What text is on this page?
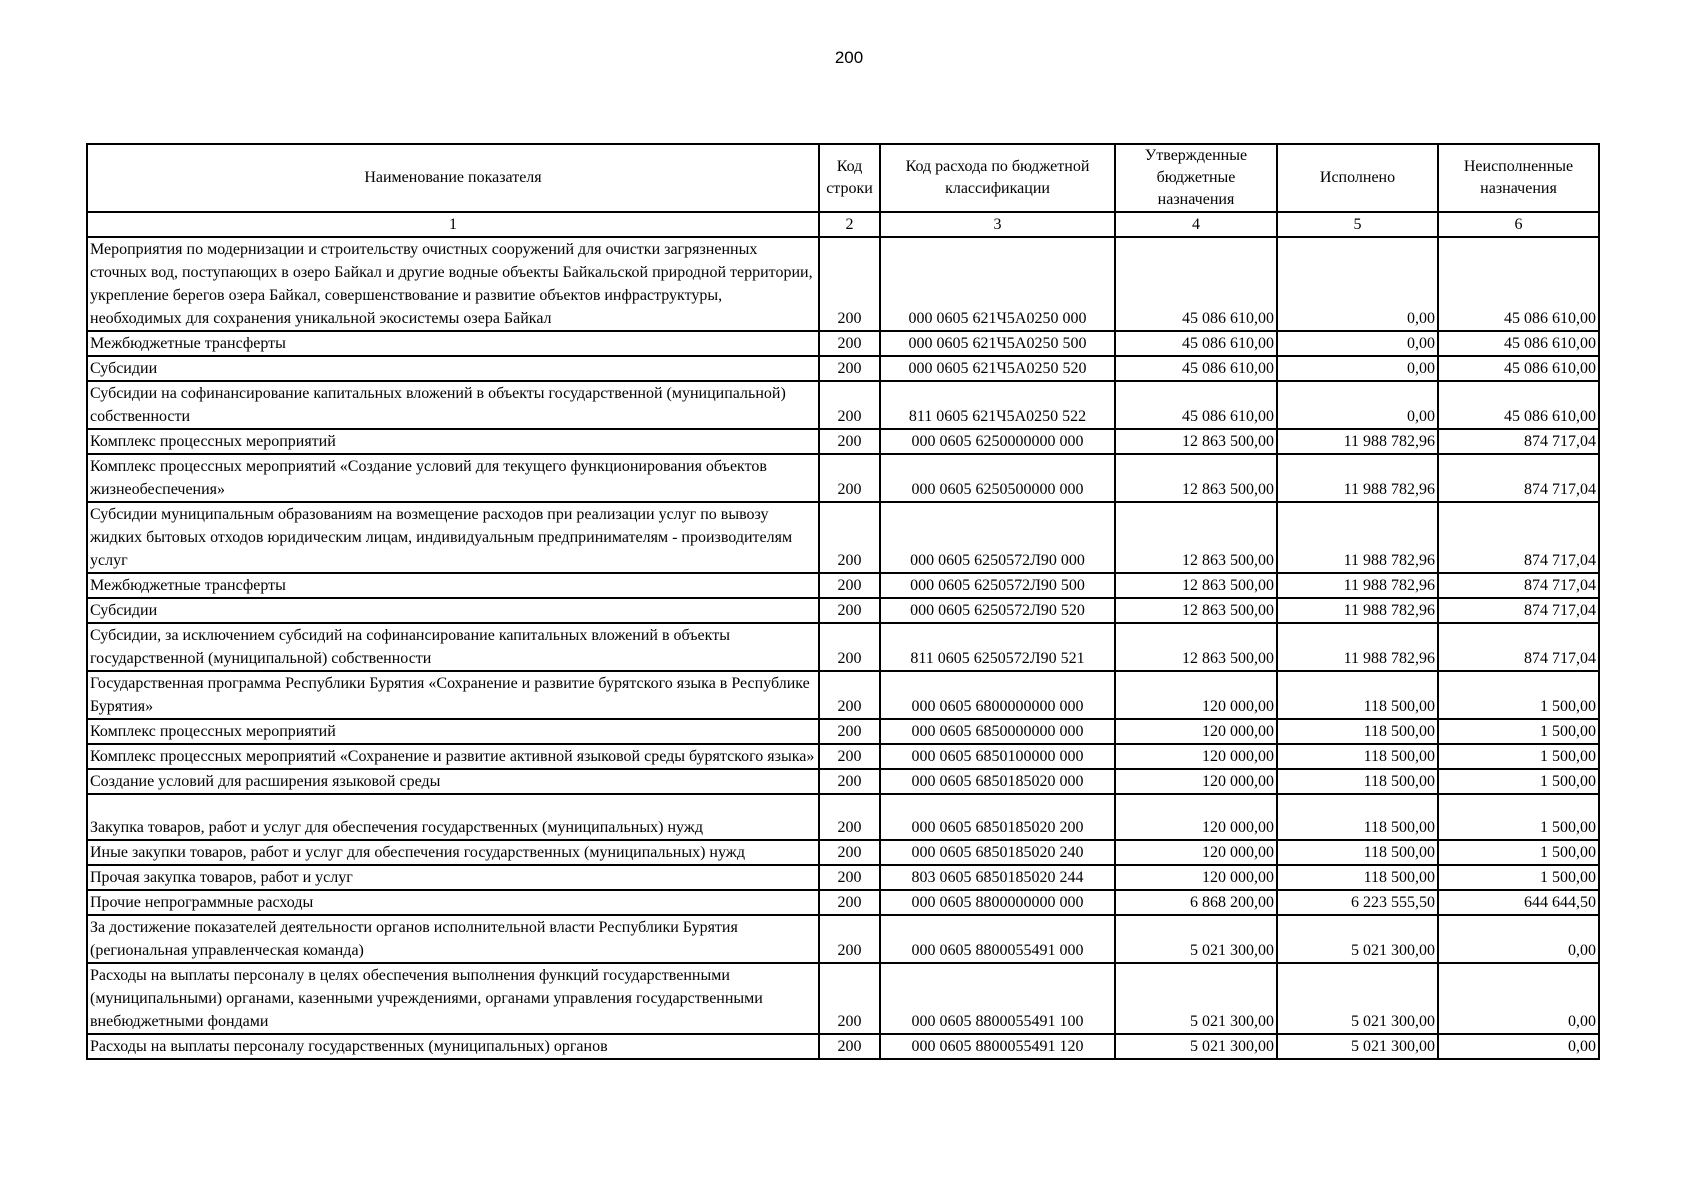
200
Наименование показателя	Код строки	Код расхода по бюджетной классификации	Утвержденные бюджетные назначения	Исполнено	Неисполненные назначения
1	2	3	4	5	6
Мероприятия по модернизации и строительству очистных сооружений для очистки загрязненных сточных вод, поступающих в озеро Байкал и другие водные объекты Байкальской природной территории, укрепление берегов озера Байкал, совершенствование и развитие объектов инфраструктуры, необходимых для сохранения уникальной экосистемы озера Байкал	200	000 0605 621Ч5А0250 000	45 086 610,00	0,00	45 086 610,00
Межбюджетные трансферты	200	000 0605 621Ч5А0250 500	45 086 610,00	0,00	45 086 610,00
Субсидии	200	000 0605 621Ч5А0250 520	45 086 610,00	0,00	45 086 610,00
Субсидии на софинансирование капитальных вложений в объекты государственной (муниципальной) собственности	200	811 0605 621Ч5А0250 522	45 086 610,00	0,00	45 086 610,00
Комплекс процессных мероприятий	200	000 0605 6250000000 000	12 863 500,00	11 988 782,96	874 717,04
Комплекс процессных мероприятий «Создание условий для текущего функционирования объектов жизнеобеспечения»	200	000 0605 6250500000 000	12 863 500,00	11 988 782,96	874 717,04
Субсидии муниципальным образованиям на возмещение расходов при реализации услуг по вывозу жидких бытовых отходов юридическим лицам, индивидуальным предпринимателям - производителям услуг	200	000 0605 6250572Л90 000	12 863 500,00	11 988 782,96	874 717,04
Межбюджетные трансферты	200	000 0605 6250572Л90 500	12 863 500,00	11 988 782,96	874 717,04
Субсидии	200	000 0605 6250572Л90 520	12 863 500,00	11 988 782,96	874 717,04
Субсидии, за исключением субсидий на софинансирование капитальных вложений в объекты государственной (муниципальной) собственности	200	811 0605 6250572Л90 521	12 863 500,00	11 988 782,96	874 717,04
Государственная программа Республики Бурятия «Сохранение и развитие бурятского языка в Республике Бурятия»	200	000 0605 6800000000 000	120 000,00	118 500,00	1 500,00
Комплекс процессных мероприятий	200	000 0605 6850000000 000	120 000,00	118 500,00	1 500,00
Комплекс процессных мероприятий «Сохранение и развитие активной языковой среды бурятского языка»	200	000 0605 6850100000 000	120 000,00	118 500,00	1 500,00
Создание условий для расширения языковой среды	200	000 0605 6850185020 000	120 000,00	118 500,00	1 500,00
Закупка товаров, работ и услуг для обеспечения государственных (муниципальных) нужд	200	000 0605 6850185020 200	120 000,00	118 500,00	1 500,00
Иные закупки товаров, работ и услуг для обеспечения государственных (муниципальных) нужд	200	000 0605 6850185020 240	120 000,00	118 500,00	1 500,00
Прочая закупка товаров, работ и услуг	200	803 0605 6850185020 244	120 000,00	118 500,00	1 500,00
Прочие непрограммные расходы	200	000 0605 8800000000 000	6 868 200,00	6 223 555,50	644 644,50
За достижение показателей деятельности органов исполнительной власти Республики Бурятия (региональная управленческая команда)	200	000 0605 8800055491 000	5 021 300,00	5 021 300,00	0,00
Расходы на выплаты персоналу в целях обеспечения выполнения функций государственными (муниципальными) органами, казенными учреждениями, органами управления государственными внебюджетными фондами	200	000 0605 8800055491 100	5 021 300,00	5 021 300,00	0,00
Расходы на выплаты персоналу государственных (муниципальных) органов	200	000 0605 8800055491 120	5 021 300,00	5 021 300,00	0,00
